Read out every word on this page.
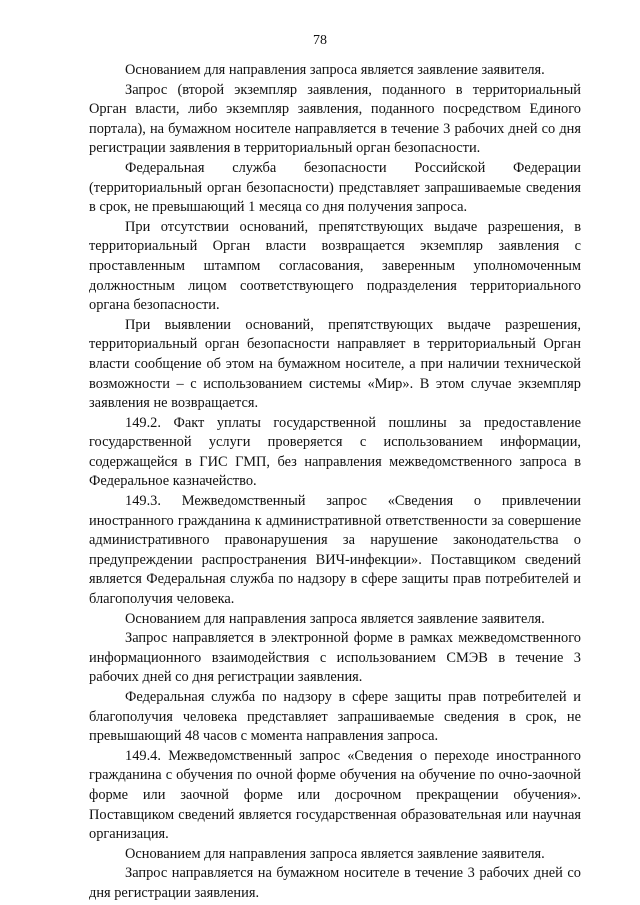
78

Основанием для направления запроса является заявление заявителя.

Запрос (второй экземпляр заявления, поданного в территориальный Орган власти, либо экземпляр заявления, поданного посредством Единого портала), на бумажном носителе направляется в течение 3 рабочих дней со дня регистрации заявления в территориальный орган безопасности.

Федеральная служба безопасности Российской Федерации (территориальный орган безопасности) представляет запрашиваемые сведения в срок, не превышающий 1 месяца со дня получения запроса.

При отсутствии оснований, препятствующих выдаче разрешения, в территориальный Орган власти возвращается экземпляр заявления с проставленным штампом согласования, заверенным уполномоченным должностным лицом соответствующего подразделения территориального органа безопасности.

При выявлении оснований, препятствующих выдаче разрешения, территориальный орган безопасности направляет в территориальный Орган власти сообщение об этом на бумажном носителе, а при наличии технической возможности – с использованием системы «Мир». В этом случае экземпляр заявления не возвращается.

149.2. Факт уплаты государственной пошлины за предоставление государственной услуги проверяется с использованием информации, содержащейся в ГИС ГМП, без направления межведомственного запроса в Федеральное казначейство.

149.3. Межведомственный запрос «Сведения о привлечении иностранного гражданина к административной ответственности за совершение административного правонарушения за нарушение законодательства о предупреждении распространения ВИЧ-инфекции». Поставщиком сведений является Федеральная служба по надзору в сфере защиты прав потребителей и благополучия человека.

Основанием для направления запроса является заявление заявителя.

Запрос направляется в электронной форме в рамках межведомственного информационного взаимодействия с использованием СМЭВ в течение 3 рабочих дней со дня регистрации заявления.

Федеральная служба по надзору в сфере защиты прав потребителей и благополучия человека представляет запрашиваемые сведения в срок, не превышающий 48 часов с момента направления запроса.

149.4. Межведомственный запрос «Сведения о переходе иностранного гражданина с обучения по очной форме обучения на обучение по очно-заочной форме или заочной форме или досрочном прекращении обучения». Поставщиком сведений является государственная образовательная или научная организация.

Основанием для направления запроса является заявление заявителя.

Запрос направляется на бумажном носителе в течение 3 рабочих дней со дня регистрации заявления.
